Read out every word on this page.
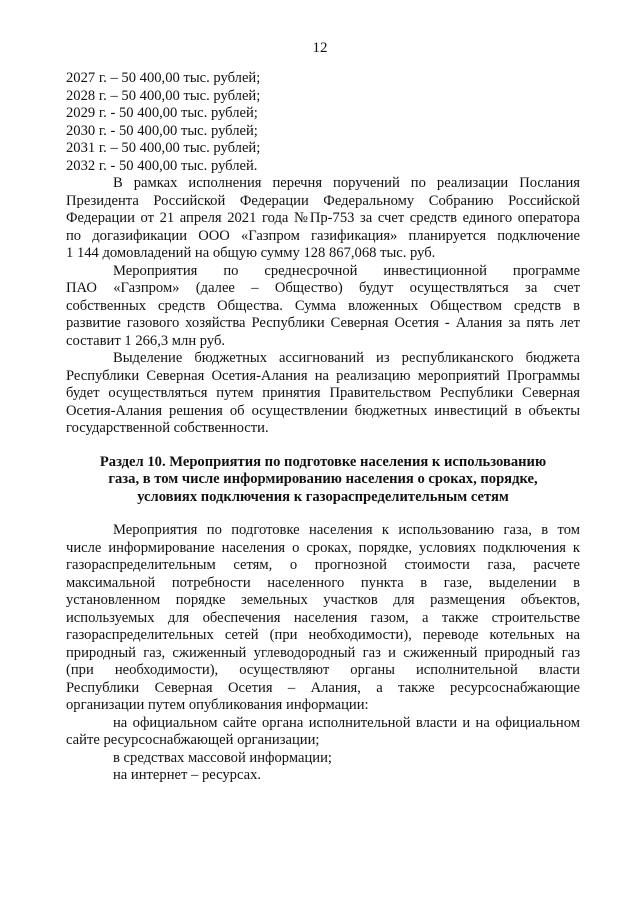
12
2027 г. – 50 400,00 тыс. рублей;
2028 г. – 50 400,00 тыс. рублей;
2029 г. - 50 400,00 тыс. рублей;
2030 г. - 50 400,00 тыс. рублей;
2031 г. – 50 400,00 тыс. рублей;
2032 г. - 50 400,00 тыс. рублей.
В рамках исполнения перечня поручений по реализации Послания
Президента Российской Федерации Федеральному Собранию Российской
Федерации от 21 апреля 2021 года №Пр-753 за счет средств единого оператора
по догазификации ООО «Газпром газификация» планируется подключение
1 144 домовладений на общую сумму 128 867,068 тыс. руб.
Мероприятия по среднесрочной инвестиционной программе
ПАО «Газпром» (далее – Общество) будут осуществляться за счет
собственных средств Общества. Сумма вложенных Обществом средств в
развитие газового хозяйства Республики Северная Осетия - Алания за пять лет
составит 1 266,3 млн руб.
Выделение бюджетных ассигнований из республиканского бюджета
Республики Северная Осетия-Алания на реализацию мероприятий Программы
будет осуществляться путем принятия Правительством Республики Северная
Осетия-Алания решения об осуществлении бюджетных инвестиций в объекты
государственной собственности.
Раздел 10. Мероприятия по подготовке населения к использованию
газа, в том числе информированию населения о сроках, порядке,
условиях подключения к газораспределительным сетям
Мероприятия по подготовке населения к использованию газа, в том
числе информирование населения о сроках, порядке, условиях подключения к
газораспределительным сетям, о прогнозной стоимости газа, расчете
максимальной потребности населенного пункта в газе, выделении в
установленном порядке земельных участков для размещения объектов,
используемых для обеспечения населения газом, а также строительстве
газораспределительных сетей (при необходимости), переводе котельных на
природный газ, сжиженный углеводородный газ и сжиженный природный газ
(при необходимости), осуществляют органы исполнительной власти
Республики Северная Осетия – Алания, а также ресурсоснабжающие
организации путем опубликования информации:
на официальном сайте органа исполнительной власти и на официальном
сайте ресурсоснабжающей организации;
в средствах массовой информации;
на интернет – ресурсах.
